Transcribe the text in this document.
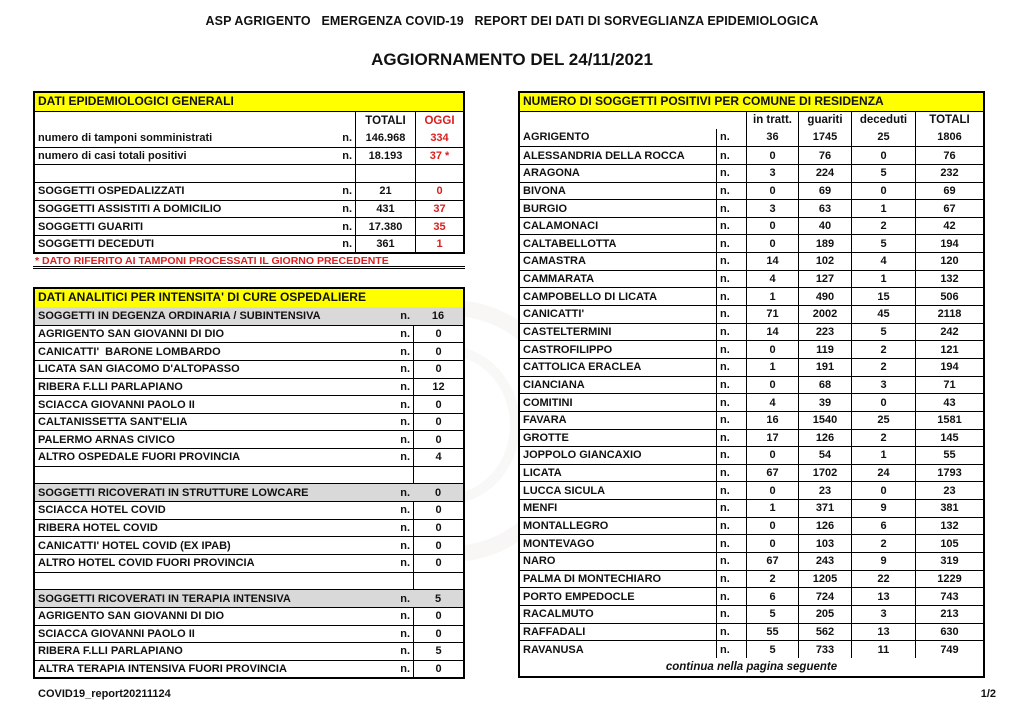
ASP AGRIGENTO   EMERGENZA COVID-19   REPORT DEI DATI DI SORVEGLIANZA EPIDEMIOLOGICA
AGGIORNAMENTO DEL 24/11/2021
DATI EPIDEMIOLOGICI GENERALI
TOTALI	OGGI
numero di tamponi somministrati	n.	146.968	334
numero di casi totali positivi	n.	18.193	37 *
SOGGETTI OSPEDALIZZATI	n.	21	0
SOGGETTI ASSISTITI A DOMICILIO	n.	431	37
SOGGETTI GUARITI	n.	17.380	35
SOGGETTI DECEDUTI	n.	361	1
* DATO RIFERITO AI TAMPONI PROCESSATI IL GIORNO PRECEDENTE
DATI ANALITICI PER INTENSITA' DI CURE OSPEDALIERE
SOGGETTI IN DEGENZA ORDINARIA / SUBINTENSIVA	n.	16
AGRIGENTO SAN GIOVANNI DI DIO	n.	0
CANICATTI'  BARONE LOMBARDO	n.	0
LICATA SAN GIACOMO D'ALTOPASSO	n.	0
RIBERA F.LLI PARLAPIANO	n.	12
SCIACCA GIOVANNI PAOLO II	n.	0
CALTANISSETTA SANT'ELIA	n.	0
PALERMO ARNAS CIVICO	n.	0
ALTRO OSPEDALE FUORI PROVINCIA	n.	4
SOGGETTI RICOVERATI IN STRUTTURE LOWCARE	n.	0
SCIACCA HOTEL COVID	n.	0
RIBERA HOTEL COVID	n.	0
CANICATTI' HOTEL COVID (EX IPAB)	n.	0
ALTRO HOTEL COVID FUORI PROVINCIA	n.	0
SOGGETTI RICOVERATI IN TERAPIA INTENSIVA	n.	5
AGRIGENTO SAN GIOVANNI DI DIO	n.	0
SCIACCA GIOVANNI PAOLO II	n.	0
RIBERA F.LLI PARLAPIANO	n.	5
ALTRA TERAPIA INTENSIVA FUORI PROVINCIA	n.	0
NUMERO DI SOGGETTI POSITIVI PER COMUNE DI RESIDENZA
in tratt.	guariti	deceduti	TOTALI
AGRIGENTO	n.	36	1745	25	1806
ALESSANDRIA DELLA ROCCA	n.	0	76	0	76
ARAGONA	n.	3	224	5	232
BIVONA	n.	0	69	0	69
BURGIO	n.	3	63	1	67
CALAMONACI	n.	0	40	2	42
CALTABELLOTTA	n.	0	189	5	194
CAMASTRA	n.	14	102	4	120
CAMMARATA	n.	4	127	1	132
CAMPOBELLO DI LICATA	n.	1	490	15	506
CANICATTI'	n.	71	2002	45	2118
CASTELTERMINI	n.	14	223	5	242
CASTROFILIPPO	n.	0	119	2	121
CATTOLICA ERACLEA	n.	1	191	2	194
CIANCIANA	n.	0	68	3	71
COMITINI	n.	4	39	0	43
FAVARA	n.	16	1540	25	1581
GROTTE	n.	17	126	2	145
JOPPOLO GIANCAXIO	n.	0	54	1	55
LICATA	n.	67	1702	24	1793
LUCCA SICULA	n.	0	23	0	23
MENFI	n.	1	371	9	381
MONTALLEGRO	n.	0	126	6	132
MONTEVAGO	n.	0	103	2	105
NARO	n.	67	243	9	319
PALMA DI MONTECHIARO	n.	2	1205	22	1229
PORTO EMPEDOCLE	n.	6	724	13	743
RACALMUTO	n.	5	205	3	213
RAFFADALI	n.	55	562	13	630
RAVANUSA	n.	5	733	11	749
continua nella pagina seguente
COVID19_report20211124	1/2
